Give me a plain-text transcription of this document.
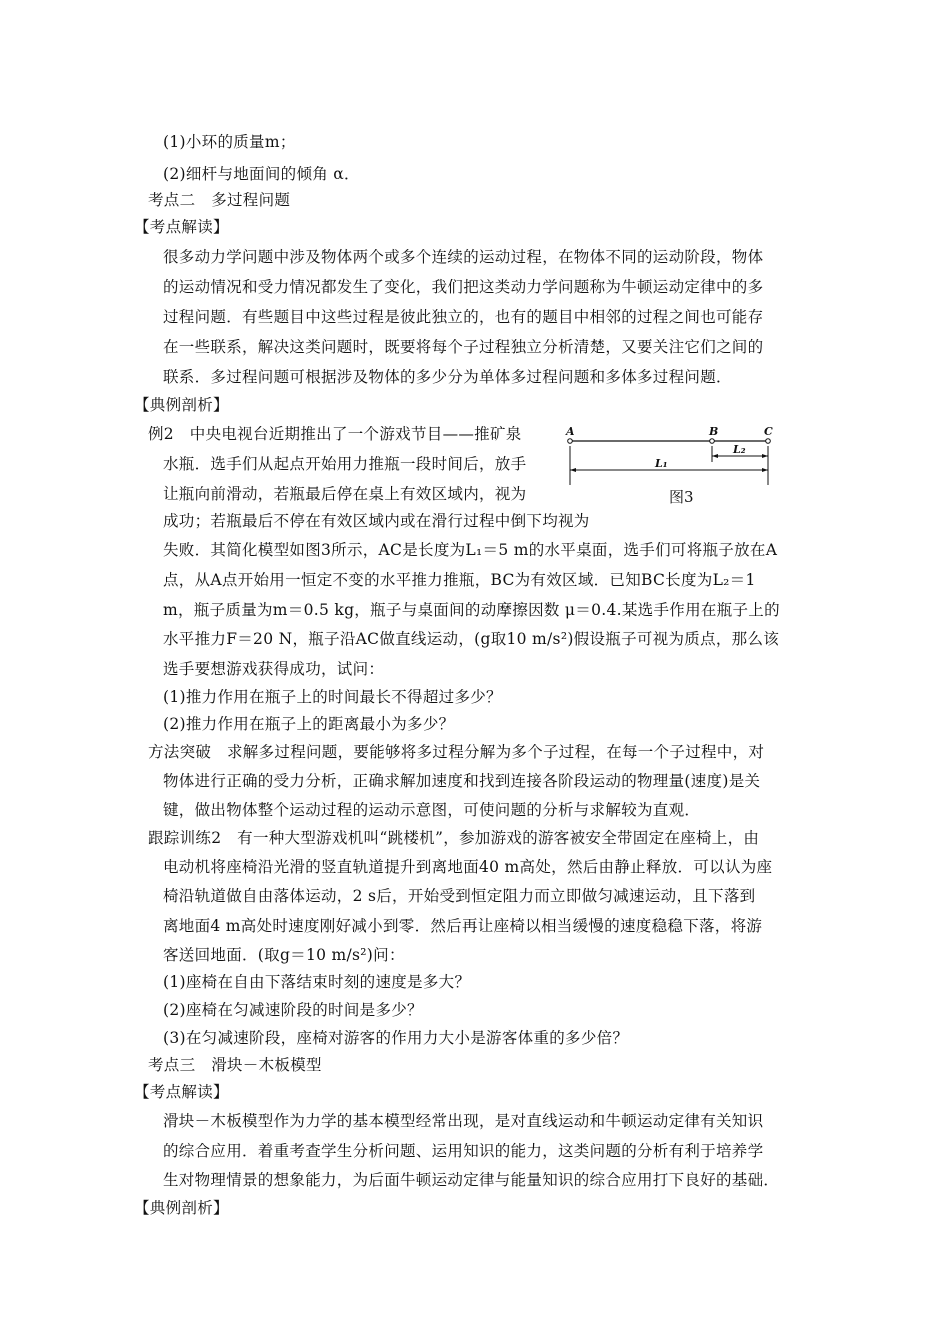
(1)小环的质量m；
(2)细杆与地面间的倾角 α．
考点二　多过程问题
【考点解读】
很多动力学问题中涉及物体两个或多个连续的运动过程，在物体不同的运动阶段，物体
的运动情况和受力情况都发生了变化，我们把这类动力学问题称为牛顿运动定律中的多
过程问题．有些题目中这些过程是彼此独立的，也有的题目中相邻的过程之间也可能存
在一些联系，解决这类问题时，既要将每个子过程独立分析清楚，又要关注它们之间的
联系．多过程问题可根据涉及物体的多少分为单体多过程问题和多体多过程问题．
【典例剖析】
例2　中央电视台近期推出了一个游戏节目——推矿泉
水瓶．选手们从起点开始用力推瓶一段时间后，放手
让瓶向前滑动，若瓶最后停在桌上有效区域内，视为
成功；若瓶最后不停在有效区域内或在滑行过程中倒下均视为
失败．其简化模型如图3所示，AC是长度为L₁＝5 m的水平桌面，选手们可将瓶子放在A
点，从A点开始用一恒定不变的水平推力推瓶，BC为有效区域．已知BC长度为L₂＝1
m，瓶子质量为m＝0.5 kg，瓶子与桌面间的动摩擦因数 μ＝0.4.某选手作用在瓶子上的
水平推力F＝20 N，瓶子沿AC做直线运动，(g取10 m/s²)假设瓶子可视为质点，那么该
选手要想游戏获得成功，试问：
(1)推力作用在瓶子上的时间最长不得超过多少？
(2)推力作用在瓶子上的距离最小为多少？
方法突破　求解多过程问题，要能够将多过程分解为多个子过程，在每一个子过程中，对
物体进行正确的受力分析，正确求解加速度和找到连接各阶段运动的物理量(速度)是关
键，做出物体整个运动过程的运动示意图，可使问题的分析与求解较为直观．
跟踪训练2　有一种大型游戏机叫“跳楼机”，参加游戏的游客被安全带固定在座椅上，由
电动机将座椅沿光滑的竖直轨道提升到离地面40 m高处，然后由静止释放．可以认为座
椅沿轨道做自由落体运动，2 s后，开始受到恒定阻力而立即做匀减速运动，且下落到
离地面4 m高处时速度刚好减小到零．然后再让座椅以相当缓慢的速度稳稳下落，将游
客送回地面．(取g＝10 m/s²)问：
(1)座椅在自由下落结束时刻的速度是多大？
(2)座椅在匀减速阶段的时间是多少？
(3)在匀减速阶段，座椅对游客的作用力大小是游客体重的多少倍？
考点三　滑块－木板模型
【考点解读】
滑块－木板模型作为力学的基本模型经常出现，是对直线运动和牛顿运动定律有关知识
的综合应用．着重考查学生分析问题、运用知识的能力，这类问题的分析有利于培养学
生对物理情景的想象能力，为后面牛顿运动定律与能量知识的综合应用打下良好的基础．
【典例剖析】
A	B	C
L₁
L₂
图3
